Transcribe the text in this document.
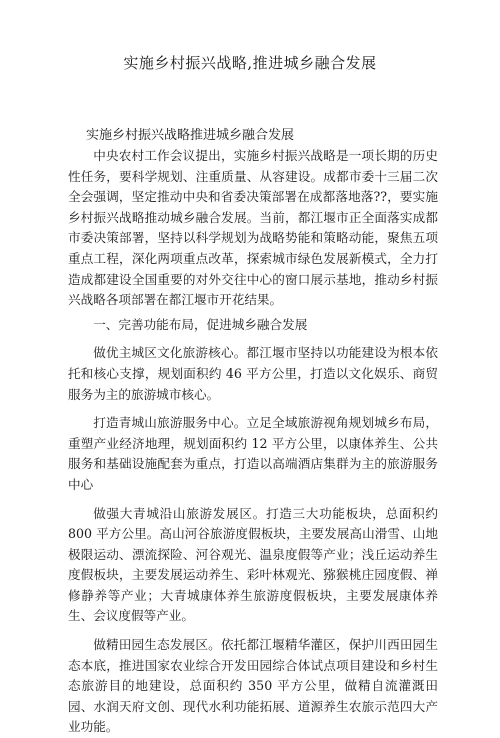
实施乡村振兴战略,推进城乡融合发展
实施乡村振兴战略推进城乡融合发展

中央农村工作会议提出，实施乡村振兴战略是一项长期的历史性任务，要科学规划、注重质量、从容建设。成都市委十三届二次全会强调，坚定推动中央和省委决策部署在成都落地落??，要实施乡村振兴战略推动城乡融合发展。当前，都江堰市正全面落实成都市委决策部署，坚持以科学规划为战略势能和策略动能，聚焦五项重点工程，深化两项重点改革，探索城市绿色发展新模式，全力打造成都建设全国重要的对外交往中心的窗口展示基地，推动乡村振兴战略各项部署在都江堰市开花结果。

一、完善功能布局，促进城乡融合发展

做优主城区文化旅游核心。都江堰市坚持以功能建设为根本依托和核心支撑，规划面积约 46 平方公里，打造以文化娱乐、商贸服务为主的旅游城市核心。

打造青城山旅游服务中心。立足全域旅游视角规划城乡布局，重塑产业经济地理，规划面积约 12 平方公里，以康体养生、公共服务和基础设施配套为重点，打造以高端酒店集群为主的旅游服务中心

做强大青城沿山旅游发展区。打造三大功能板块，总面积约 800 平方公里。高山河谷旅游度假板块，主要发展高山滑雪、山地极限运动、漂流探险、河谷观光、温泉度假等产业；浅丘运动养生度假板块，主要发展运动养生、彩叶林观光、猕猴桃庄园度假、禅修静养等产业；大青城康体养生旅游度假板块，主要发展康体养生、会议度假等产业。

做精田园生态发展区。依托都江堰精华灌区，保护川西田园生态本底，推进国家农业综合开发田园综合体试点项目建设和乡村生态旅游目的地建设，总面积约 350 平方公里，做精自流灌溉田园、水润天府文创、现代水利功能拓展、道源养生农旅示范四大产业功能。
